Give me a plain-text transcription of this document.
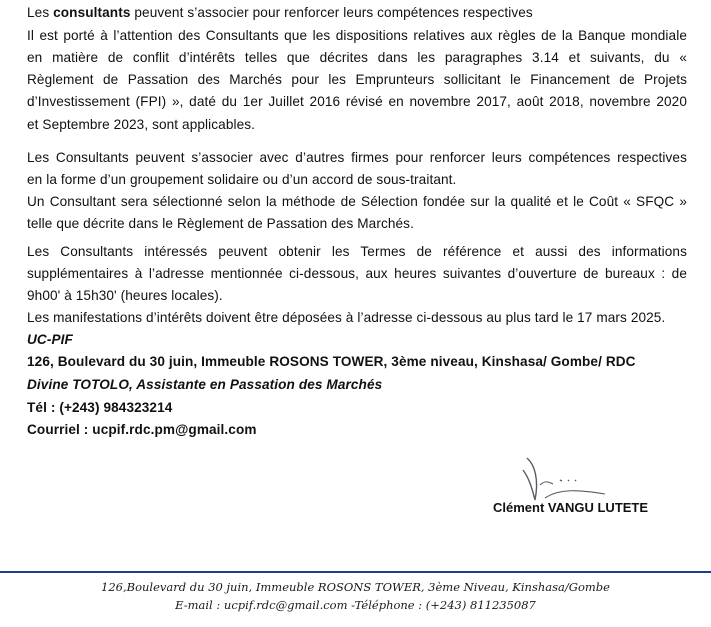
Les consultants peuvent s’associer pour renforcer leurs compétences respectives
Il est porté à l’attention des Consultants que les dispositions relatives aux règles de la Banque mondiale
en matière de conflit d’intérêts telles que décrites dans les paragraphes 3.14 et suivants, du «
Règlement de Passation des Marchés pour les Emprunteurs sollicitant le Financement de Projets
d’Investissement (FPI) », daté du 1er Juillet 2016 révisé en novembre 2017, août 2018, novembre 2020
et Septembre 2023, sont applicables.
Les Consultants peuvent s’associer avec d’autres firmes pour renforcer leurs compétences respectives
en la forme d’un groupement solidaire ou d’un accord de sous-traitant.
Un Consultant sera sélectionné selon la méthode de Sélection fondée sur la qualité et le Coût « SFQC »
telle que décrite dans le Règlement de Passation des Marchés.
Les Consultants intéressés peuvent obtenir les Termes de référence et aussi des informations
supplémentaires à l’adresse mentionnée ci-dessous, aux heures suivantes d’ouverture de bureaux : de
9h00' à 15h30' (heures locales).
Les manifestations d’intérêts doivent être déposées à l’adresse ci-dessous au plus tard le 17 mars 2025.
UC-PIF
126, Boulevard du 30 juin, Immeuble ROSONS TOWER, 3ème niveau, Kinshasa/ Gombe/ RDC
Divine TOTOLO, Assistante en Passation des Marchés
Tél : (+243) 984323214
Courriel : ucpif.rdc.pm@gmail.com
Clément VANGU LUTETE
126,Boulevard du 30 juin, Immeuble ROSONS TOWER, 3ème Niveau, Kinshasa/Gombe
E-mail : ucpif.rdc@gmail.com -Téléphone : (+243) 811235087
